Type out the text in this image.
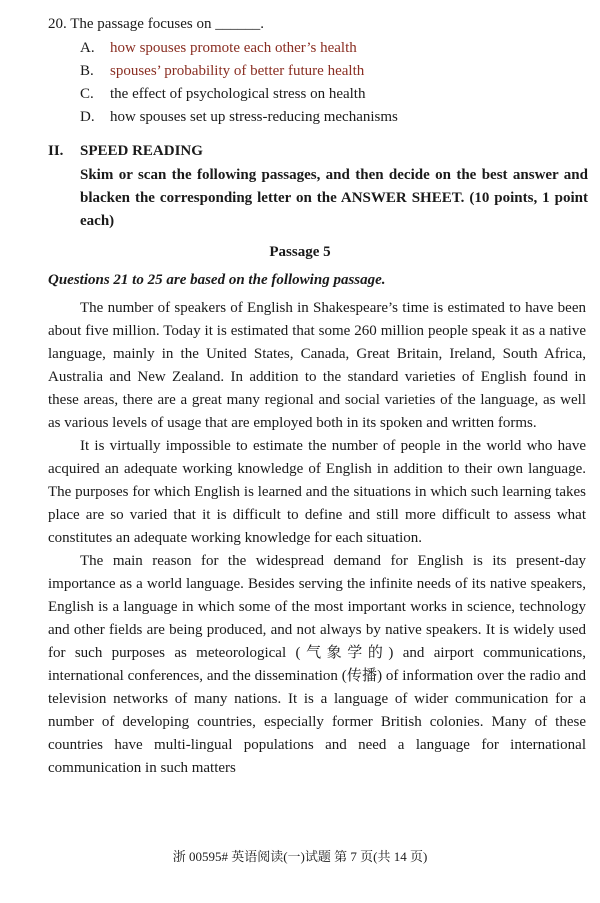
20. The passage focuses on ______.
A. how spouses promote each other’s health
B. spouses’ probability of better future health
C. the effect of psychological stress on health
D. how spouses set up stress-reducing mechanisms
II. SPEED READING
Skim or scan the following passages, and then decide on the best answer and blacken the corresponding letter on the ANSWER SHEET. (10 points, 1 point each)
Passage 5
Questions 21 to 25 are based on the following passage.

The number of speakers of English in Shakespeare’s time is estimated to have been about five million. Today it is estimated that some 260 million people speak it as a native language, mainly in the United States, Canada, Great Britain, Ireland, South Africa, Australia and New Zealand. In addition to the standard varieties of English found in these areas, there are a great many regional and social varieties of the language, as well as various levels of usage that are employed both in its spoken and written forms.

It is virtually impossible to estimate the number of people in the world who have acquired an adequate working knowledge of English in addition to their own language. The purposes for which English is learned and the situations in which such learning takes place are so varied that it is difficult to define and still more difficult to assess what constitutes an adequate working knowledge for each situation.

The main reason for the widespread demand for English is its present-day importance as a world language. Besides serving the infinite needs of its native speakers, English is a language in which some of the most important works in science, technology and other fields are being produced, and not always by native speakers. It is widely used for such purposes as meteorological (气象学的) and airport communications, international conferences, and the dissemination (传播) of information over the radio and television networks of many nations. It is a language of wider communication for a number of developing countries, especially former British colonies. Many of these countries have multi-lingual populations and need a language for international communication in such matters

浙 00595# 英语阅读(一)试题 第 7 页(共 14 页)
